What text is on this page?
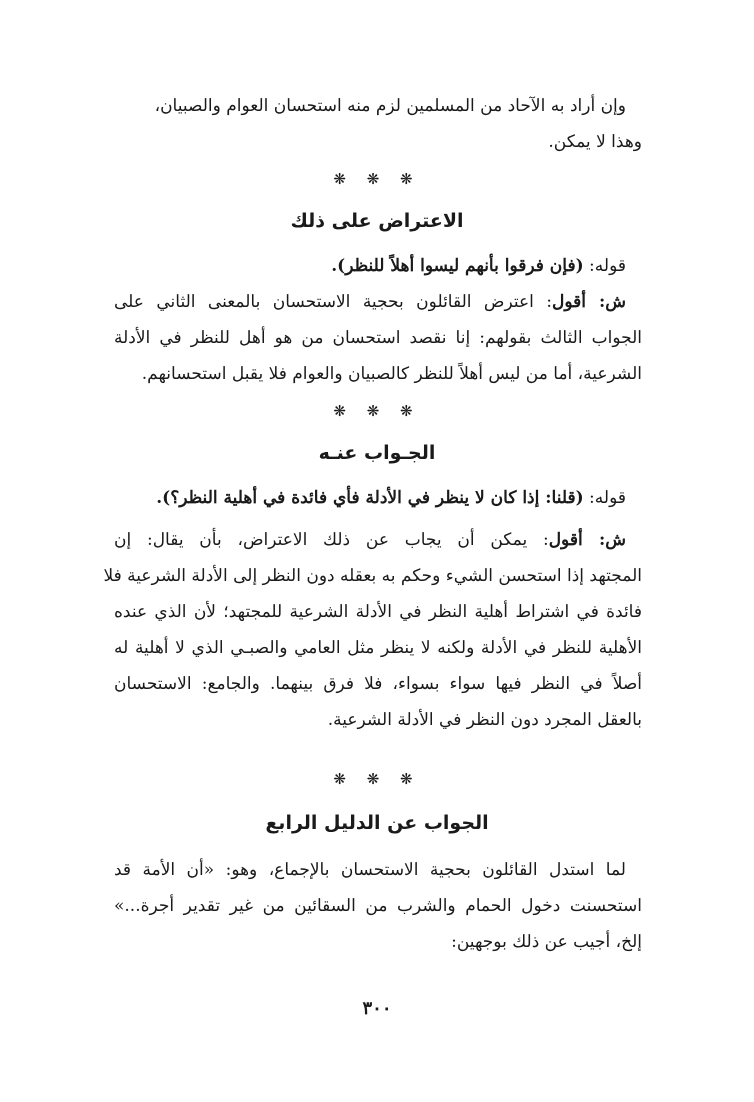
وإن أراد به الآحاد من المسلمين لزم منه استحسان العوام والصبيان،
وهذا لا يمكن.
❋ ❋ ❋
الاعتراض على ذلك
قوله: (فإن فرقوا بأنهم ليسوا أهلاً للنظر).
ش: أقول: اعترض القائلون بحجية الاستحسان بالمعنى الثاني على
الجواب الثالث بقولهم: إنا نقصد استحسان من هو أهل للنظر في الأدلة
الشرعية، أما من ليس أهلاً للنظر كالصبيان والعوام فلا يقبل استحسانهم.
❋ ❋ ❋
الجـواب عنـه
قوله: (قلنا: إذا كان لا ينظر في الأدلة فأي فائدة في أهلية النظر؟).
ش: أقول: يمكن أن يجاب عن ذلك الاعتراض، بأن يقال: إن
المجتهد إذا استحسن الشيء وحكم به بعقله دون النظر إلى الأدلة الشرعية فلا
فائدة في اشتراط أهلية النظر في الأدلة الشرعية للمجتهد؛ لأن الذي عنده
الأهلية للنظر في الأدلة ولكنه لا ينظر مثل العامي والصبـي الذي لا أهلية له
أصلاً في النظر فيها سواء بسواء، فلا فرق بينهما. والجامع: الاستحسان
بالعقل المجرد دون النظر في الأدلة الشرعية.
❋ ❋ ❋
الجواب عن الدليل الرابع
لما استدل القائلون بحجية الاستحسان بالإجماع، وهو: «أن الأمة قد
استحسنت دخول الحمام والشرب من السقائين من غير تقدير أجرة...»
إلخ، أجيب عن ذلك بوجهين:
٣٠٠
